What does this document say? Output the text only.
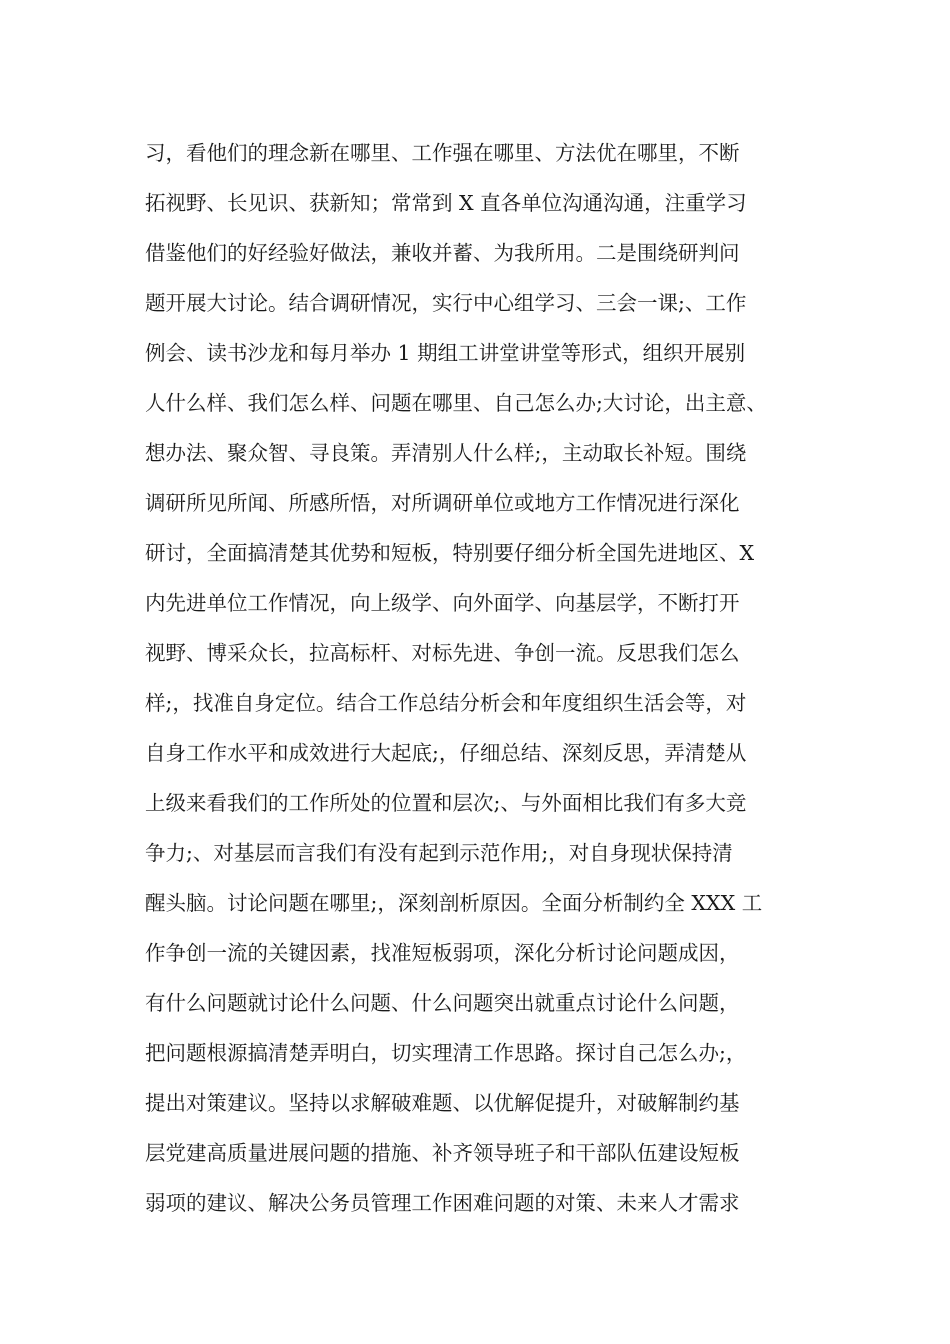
习，看他们的理念新在哪里、工作强在哪里、方法优在哪里，不断
拓视野、长见识、获新知；常常到 X 直各单位沟通沟通，注重学习
借鉴他们的好经验好做法，兼收并蓄、为我所用。二是围绕研判问
题开展大讨论。结合调研情况，实行中心组学习、三会一课;、工作
例会、读书沙龙和每月举办 1 期组工讲堂讲堂等形式，组织开展别
人什么样、我们怎么样、问题在哪里、自己怎么办;大讨论，出主意、
想办法、聚众智、寻良策。弄清别人什么样;，主动取长补短。围绕
调研所见所闻、所感所悟，对所调研单位或地方工作情况进行深化
研讨，全面搞清楚其优势和短板，特别要仔细分析全国先进地区、X
内先进单位工作情况，向上级学、向外面学、向基层学，不断打开
视野、博采众长，拉高标杆、对标先进、争创一流。反思我们怎么
样;，找准自身定位。结合工作总结分析会和年度组织生活会等，对
自身工作水平和成效进行大起底;，仔细总结、深刻反思，弄清楚从
上级来看我们的工作所处的位置和层次;、与外面相比我们有多大竞
争力;、对基层而言我们有没有起到示范作用;，对自身现状保持清
醒头脑。讨论问题在哪里;，深刻剖析原因。全面分析制约全 XXX 工
作争创一流的关键因素，找准短板弱项，深化分析讨论问题成因，
有什么问题就讨论什么问题、什么问题突出就重点讨论什么问题，
把问题根源搞清楚弄明白，切实理清工作思路。探讨自己怎么办;，
提出对策建议。坚持以求解破难题、以优解促提升，对破解制约基
层党建高质量进展问题的措施、补齐领导班子和干部队伍建设短板
弱项的建议、解决公务员管理工作困难问题的对策、未来人才需求
